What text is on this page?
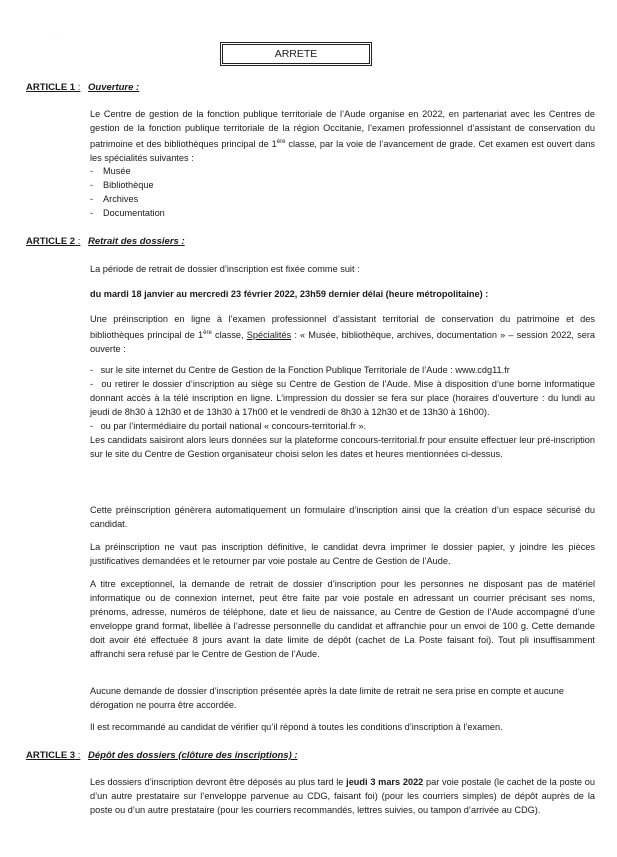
·
ARRETE
ARTICLE 1 : Ouverture :
Le Centre de gestion de la fonction publique territoriale de l’Aude organise en 2022, en partenariat avec les Centres de gestion de la fonction publique territoriale de la région Occitanie, l’examen professionnel d’assistant de conservation du patrimoine et des bibliothèques principal de 1ère classe, par la voie de l’avancement de grade. Cet examen est ouvert dans les spécialités suivantes :
- Musée
- Bibliothèque
- Archives
- Documentation
ARTICLE 2 : Retrait des dossiers :
La période de retrait de dossier d’inscription est fixée comme suit :
du mardi 18 janvier au mercredi 23 février 2022, 23h59 dernier délai (heure métropolitaine) :
Une préinscription en ligne à l’examen professionnel d’assistant territorial de conservation du patrimoine et des bibliothèques principal de 1ère classe, Spécialités : « Musée, bibliothèque, archives, documentation » – session 2022, sera ouverte :
- sur le site internet du Centre de Gestion de la Fonction Publique Territoriale de l’Aude : www.cdg11.fr
- ou retirer le dossier d’inscription au siège su Centre de Gestion de l’Aude. Mise à disposition d’une borne informatique donnant accès à la télé inscription en ligne. L’impression du dossier se fera sur place (horaires d’ouverture : du lundi au jeudi de 8h30 à 12h30 et de 13h30 à 17h00 et le vendredi de 8h30 à 12h30 et de 13h30 à 16h00).
- ou par l’intermédiaire du portail national « concours-territorial.fr ».
Les candidats saisiront alors leurs données sur la plateforme concours-territorial.fr pour ensuite effectuer leur pré-inscription sur le site du Centre de Gestion organisateur choisi selon les dates et heures mentionnées ci-dessus.
Cette préinscription génèrera automatiquement un formulaire d’inscription ainsi que la création d’un espace sécurisé du candidat.
La préinscription ne vaut pas inscription définitive, le candidat devra imprimer le dossier papier, y joindre les pièces justificatives demandées et le retourner par voie postale au Centre de Gestion de l’Aude.
A titre exceptionnel, la demande de retrait de dossier d’inscription pour les personnes ne disposant pas de matériel informatique ou de connexion internet, peut être faite par voie postale en adressant un courrier précisant ses noms, prénoms, adresse, numéros de téléphone, date et lieu de naissance, au Centre de Gestion de l’Aude accompagné d’une enveloppe grand format, libellée à l’adresse personnelle du candidat et affranchie pour un envoi de 100 g. Cette demande doit avoir été effectuée 8 jours avant la date limite de dépôt (cachet de La Poste faisant foi). Tout pli insuffisamment affranchi sera refusé par le Centre de Gestion de l’Aude.
Aucune demande de dossier d’inscription présentée après la date limite de retrait ne sera prise en compte et aucune dérogation ne pourra être accordée.
Il est recommandé au candidat de vérifier qu’il répond à toutes les conditions d’inscription à l’examen.
ARTICLE 3 : Dépôt des dossiers (clôture des inscriptions) :
Les dossiers d’inscription devront être déposés au plus tard le jeudi 3 mars 2022 par voie postale (le cachet de la poste ou d’un autre prestataire sur l’enveloppe parvenue au CDG, faisant foi) (pour les courriers simples) de dépôt auprès de la poste ou d’un autre prestataire (pour les courriers recommandés, lettres suivies, ou tampon d’arrivée au CDG).
